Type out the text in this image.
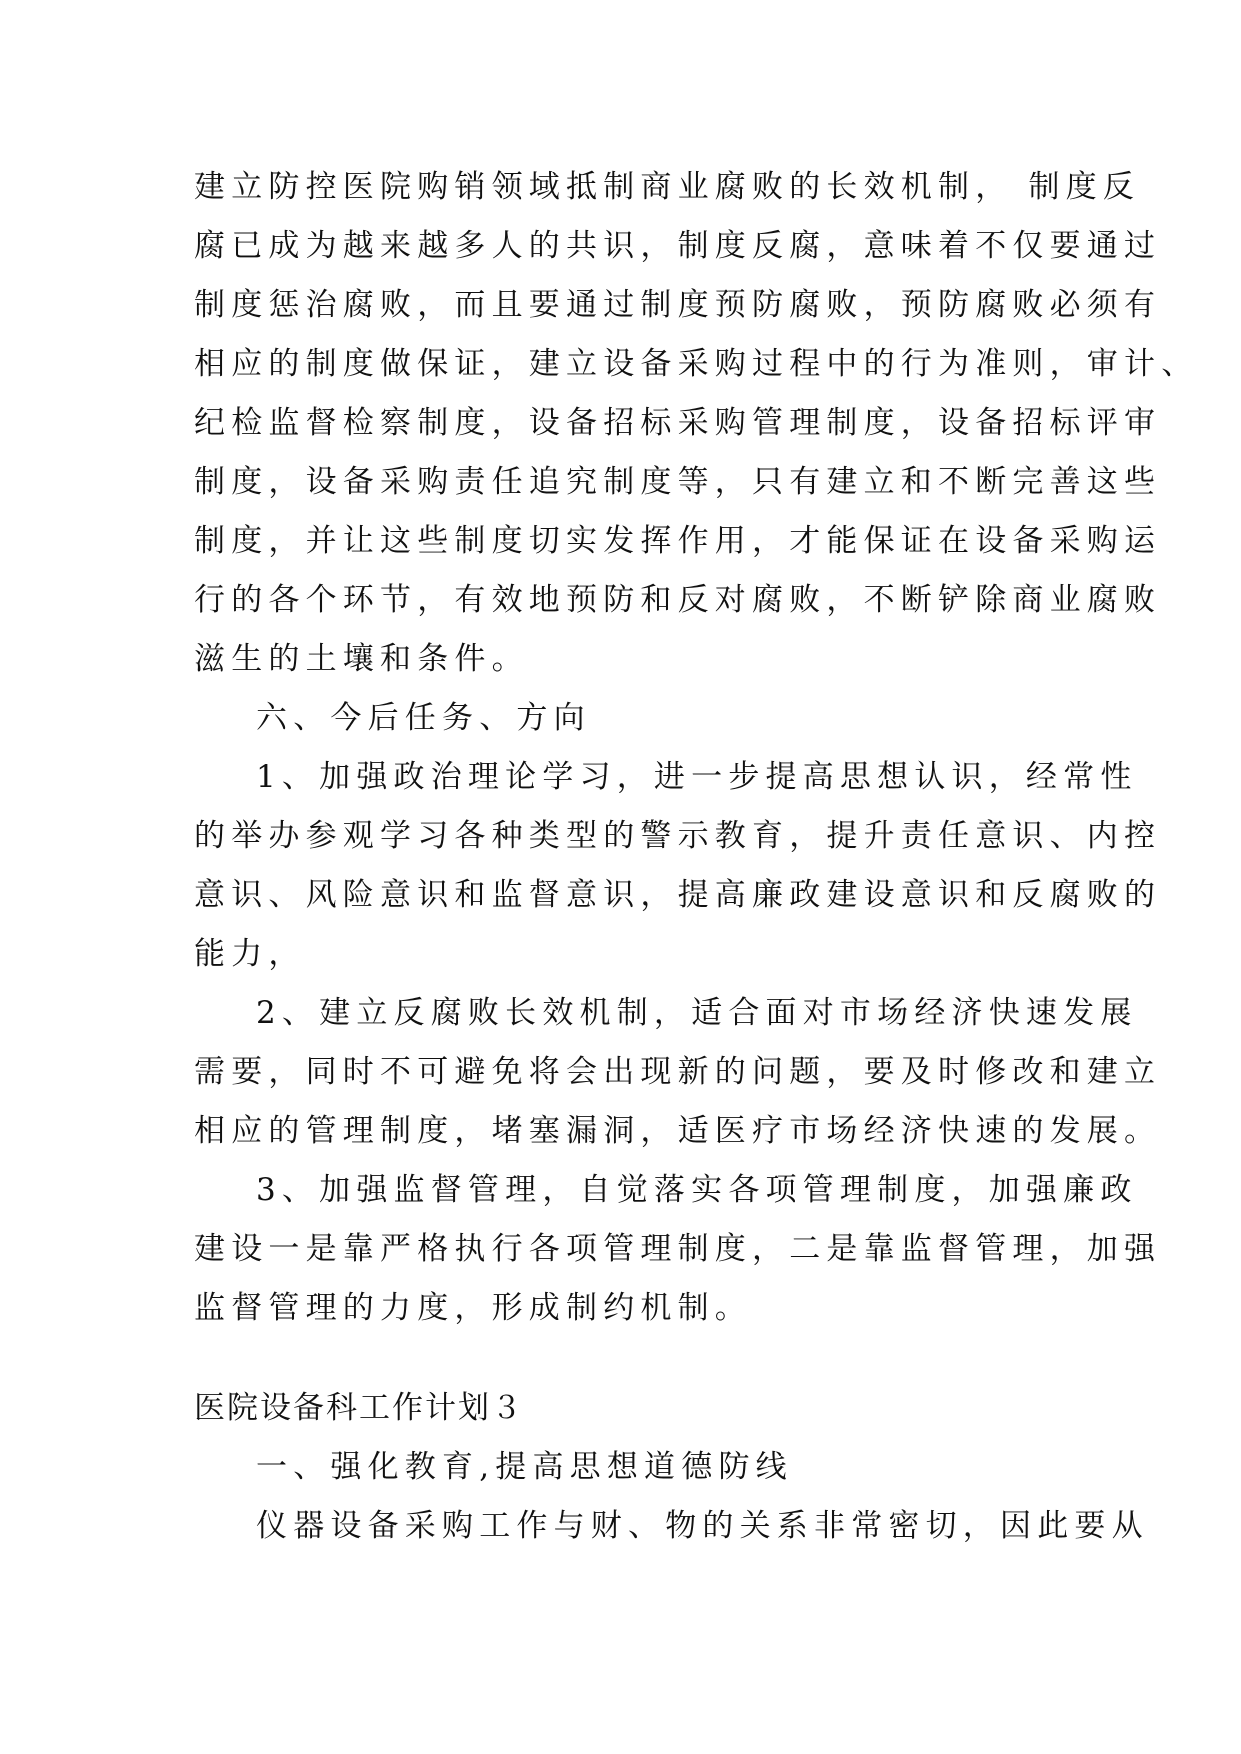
建立防控医院购销领域抵制商业腐败的长效机制， 制度反
腐已成为越来越多人的共识，制度反腐，意味着不仅要通过
制度惩治腐败，而且要通过制度预防腐败，预防腐败必须有
相应的制度做保证，建立设备采购过程中的行为准则，审计、
纪检监督检察制度，设备招标采购管理制度，设备招标评审
制度，设备采购责任追究制度等，只有建立和不断完善这些
制度，并让这些制度切实发挥作用，才能保证在设备采购运
行的各个环节，有效地预防和反对腐败，不断铲除商业腐败
滋生的土壤和条件。
六、今后任务、方向
1、加强政治理论学习，进一步提高思想认识，经常性
的举办参观学习各种类型的警示教育，提升责任意识、内控
意识、风险意识和监督意识，提高廉政建设意识和反腐败的
能力，
2、建立反腐败长效机制，适合面对市场经济快速发展
需要，同时不可避免将会出现新的问题，要及时修改和建立
相应的管理制度，堵塞漏洞，适医疗市场经济快速的发展。
3、加强监督管理，自觉落实各项管理制度，加强廉政
建设一是靠严格执行各项管理制度，二是靠监督管理，加强
监督管理的力度，形成制约机制。
医院设备科工作计划３
一、强化教育,提高思想道德防线
仪器设备采购工作与财、物的关系非常密切，因此要从
